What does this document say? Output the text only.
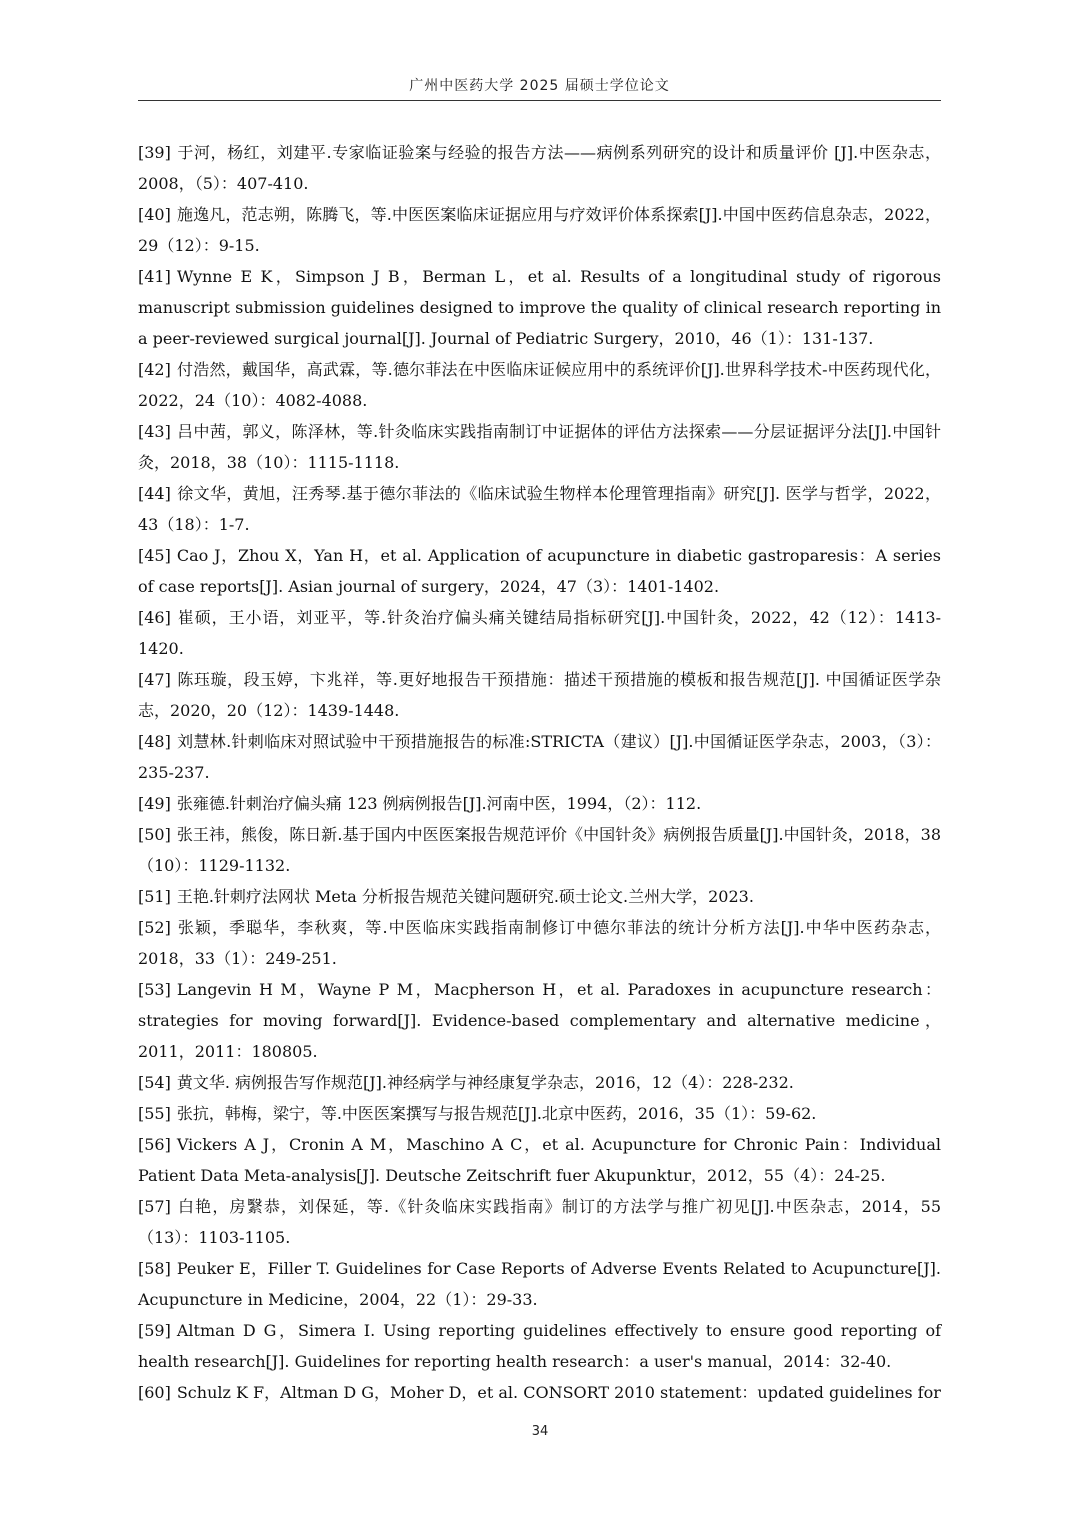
广州中医药大学 2025 届硕士学位论文
[39] 于河，杨红，刘建平.专家临证验案与经验的报告方法——病例系列研究的设计和质量评价 [J].中医杂志，2008，（5）：407-410.
[40] 施逸凡，范志朔，陈腾飞，等.中医医案临床证据应用与疗效评价体系探索[J].中国中医药信息杂志，2022，29（12）：9-15.
[41] Wynne E K，Simpson J B，Berman L，et al. Results of a longitudinal study of rigorous manuscript submission guidelines designed to improve the quality of clinical research reporting in a peer-reviewed surgical journal[J]. Journal of Pediatric Surgery，2010，46（1）：131-137.
[42] 付浩然，戴国华，高武霖，等.德尔菲法在中医临床证候应用中的系统评价[J].世界科学技术-中医药现代化，2022，24（10）：4082-4088.
[43] 吕中茜，郭义，陈泽林，等.针灸临床实践指南制订中证据体的评估方法探索——分层证据评分法[J].中国针灸，2018，38（10）：1115-1118.
[44] 徐文华，黄旭，汪秀琴.基于德尔菲法的《临床试验生物样本伦理管理指南》研究[J]. 医学与哲学，2022，43（18）：1-7.
[45] Cao J，Zhou X，Yan H，et al. Application of acupuncture in diabetic gastroparesis：A series of case reports[J]. Asian journal of surgery，2024，47（3）：1401-1402.
[46] 崔硕，王小语，刘亚平，等.针灸治疗偏头痛关键结局指标研究[J].中国针灸，2022，42（12）：1413-1420.
[47] 陈珏璇，段玉婷，卞兆祥，等.更好地报告干预措施：描述干预措施的模板和报告规范[J]. 中国循证医学杂志，2020，20（12）：1439-1448.
[48] 刘慧林.针刺临床对照试验中干预措施报告的标准:STRICTA（建议）[J].中国循证医学杂志，2003，（3）：235-237.
[49] 张雍德.针刺治疗偏头痛 123 例病例报告[J].河南中医，1994，（2）：112.
[50] 张王祎，熊俊，陈日新.基于国内中医医案报告规范评价《中国针灸》病例报告质量[J].中国针灸，2018，38（10）：1129-1132.
[51] 王艳.针刺疗法网状 Meta 分析报告规范关键问题研究.硕士论文.兰州大学，2023.
[52] 张颖，季聪华，李秋爽，等.中医临床实践指南制修订中德尔菲法的统计分析方法[J].中华中医药杂志，2018，33（1）：249-251.
[53] Langevin H M，Wayne P M，Macpherson H，et al. Paradoxes in acupuncture research：strategies for moving forward[J]. Evidence-based complementary and alternative medicine，2011，2011：180805.
[54] 黄文华. 病例报告写作规范[J].神经病学与神经康复学杂志，2016，12（4）：228-232.
[55] 张抗，韩梅，梁宁，等.中医医案撰写与报告规范[J].北京中医药，2016，35（1）：59-62.
[56] Vickers A J，Cronin A M，Maschino A C，et al. Acupuncture for Chronic Pain：Individual Patient Data Meta-analysis[J]. Deutsche Zeitschrift fuer Akupunktur，2012，55（4）：24-25.
[57] 白艳，房繄恭，刘保延，等.《针灸临床实践指南》制订的方法学与推广初见[J].中医杂志，2014，55（13）：1103-1105.
[58] Peuker E，Filler T. Guidelines for Case Reports of Adverse Events Related to Acupuncture[J]. Acupuncture in Medicine，2004，22（1）：29-33.
[59] Altman D G，Simera I. Using reporting guidelines effectively to ensure good reporting of health research[J]. Guidelines for reporting health research：a user's manual，2014：32-40.
[60] Schulz K F，Altman D G，Moher D，et al. CONSORT 2010 statement：updated guidelines for
34
